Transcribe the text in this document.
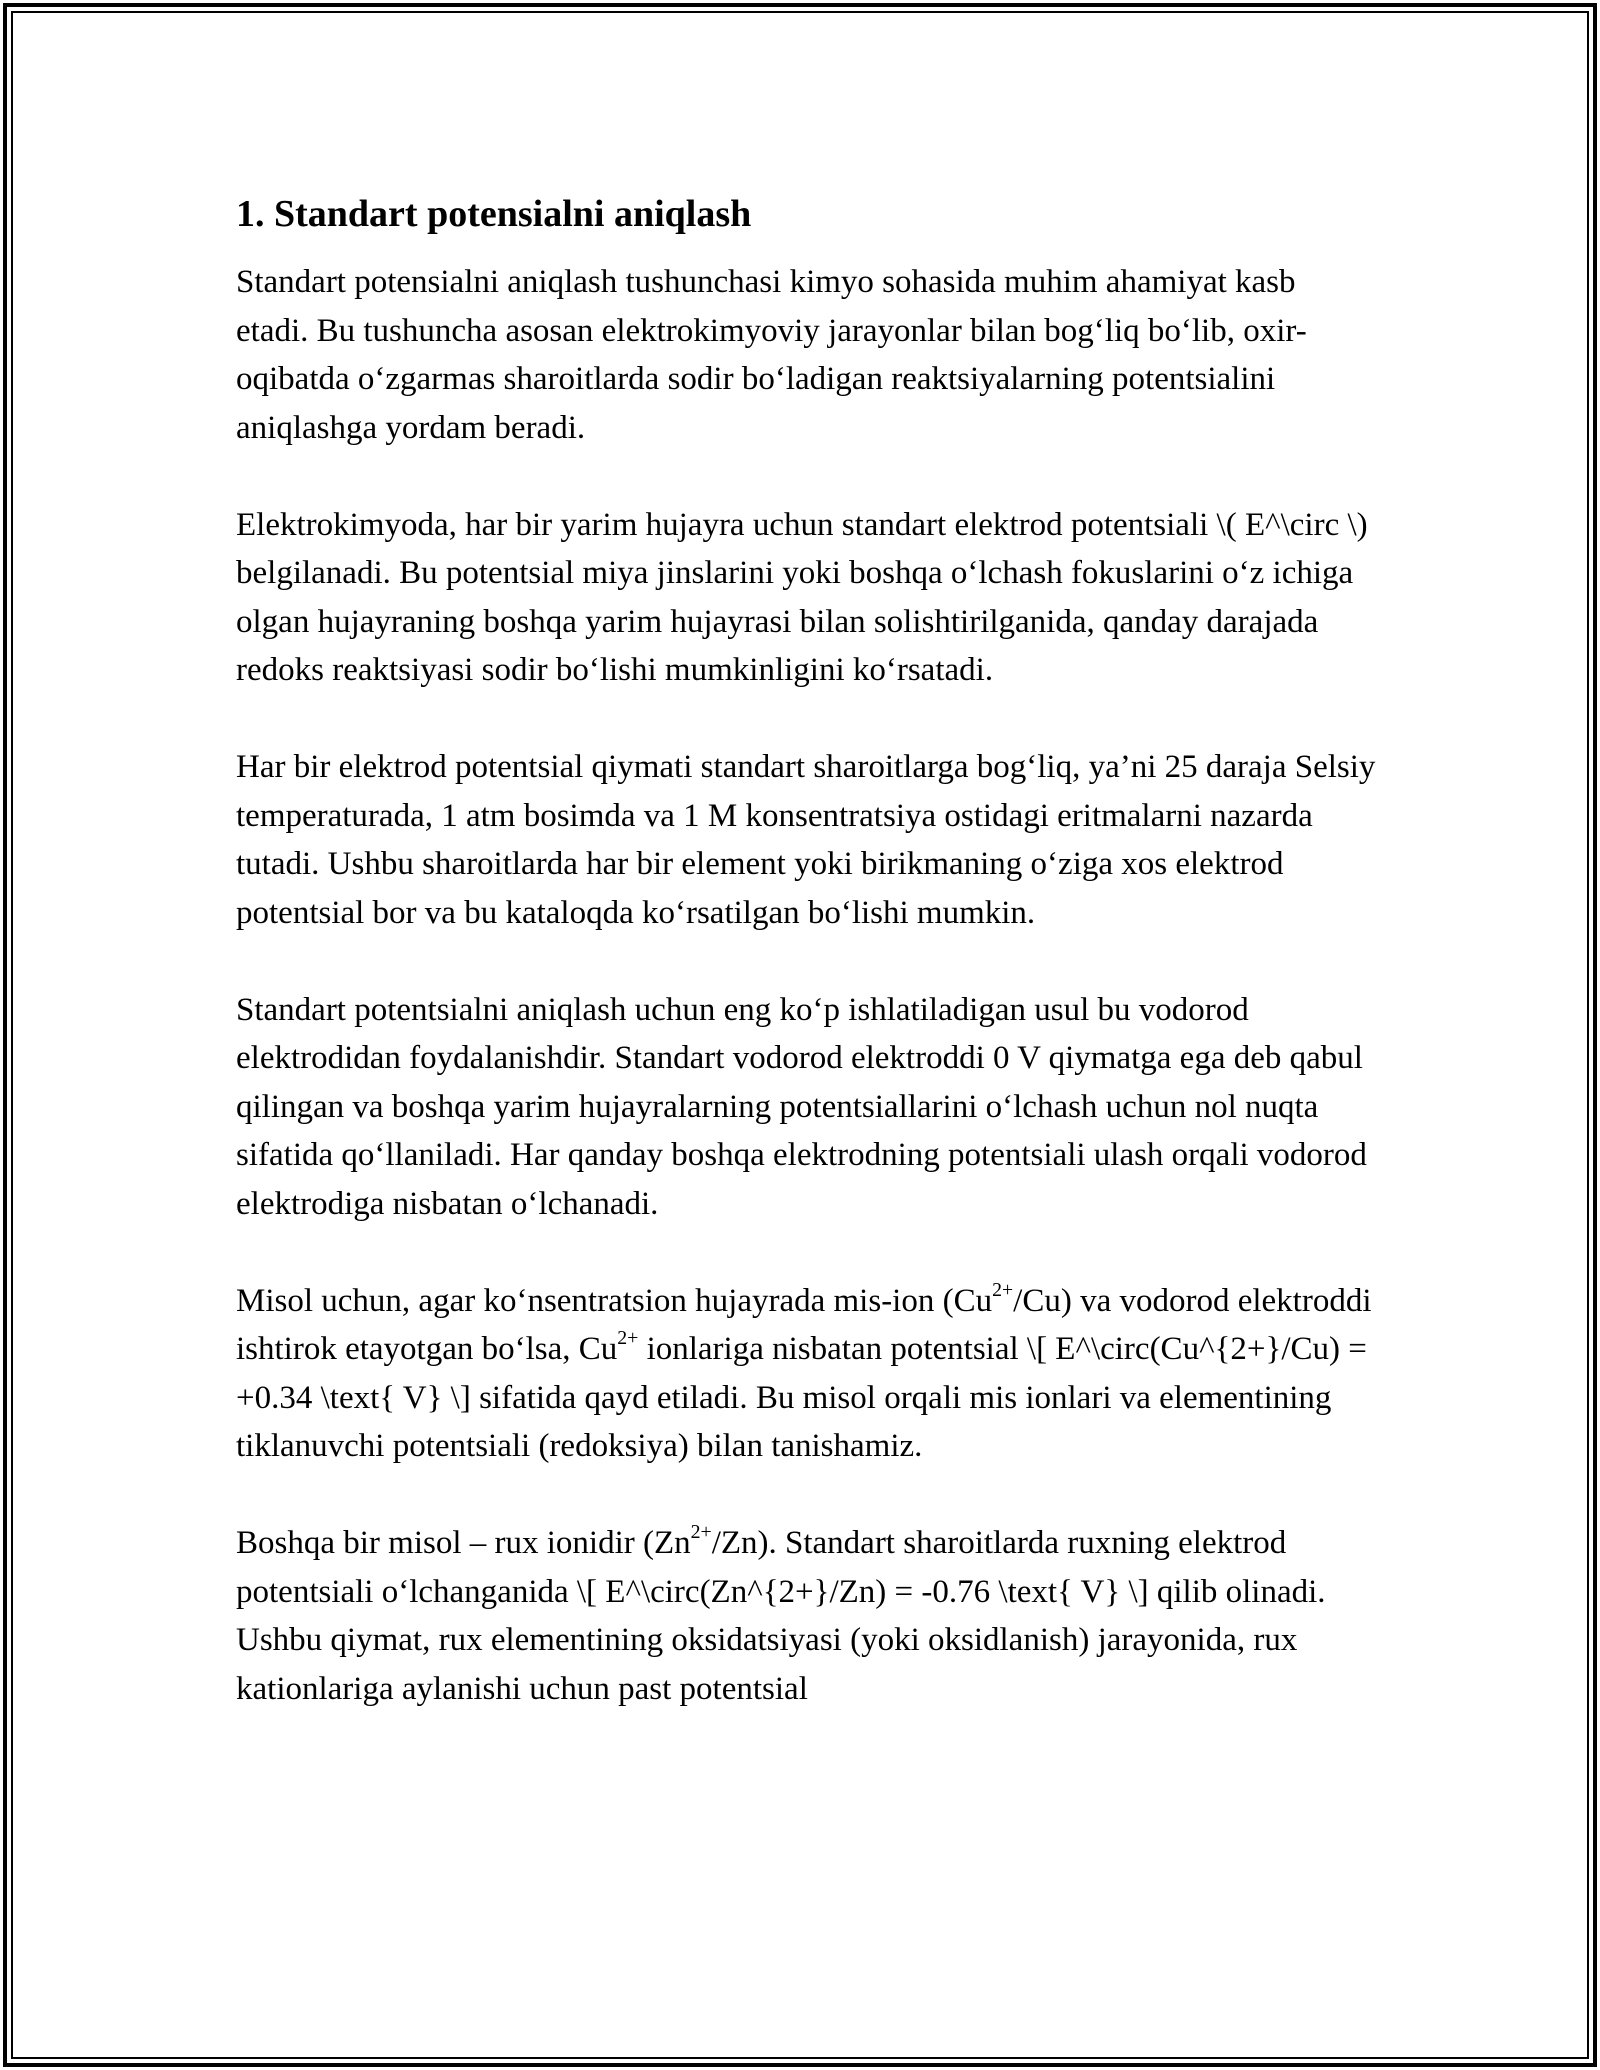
1. Standart potensialni aniqlash

Standart potensialni aniqlash tushunchasi kimyo sohasida muhim ahamiyat kasb etadi. Bu tushuncha asosan elektrokimyoviy jarayonlar bilan bog‘liq bo‘lib, oxir-oqibatda o‘zgarmas sharoitlarda sodir bo‘ladigan reaktsiyalarning potentsialini aniqlashga yordam beradi.

Elektrokimyoda, har bir yarim hujayra uchun standart elektrod potentsiali \( E^\circ \) belgilanadi. Bu potentsial miya jinslarini yoki boshqa o‘lchash fokuslarini o‘z ichiga olgan hujayraning boshqa yarim hujayrasi bilan solishtirilganida, qanday darajada redoks reaktsiyasi sodir bo‘lishi mumkinligini ko‘rsatadi.

Har bir elektrod potentsial qiymati standart sharoitlarga bog‘liq, ya’ni 25 daraja Selsiy temperaturada, 1 atm bosimda va 1 M konsentratsiya ostidagi eritmalarni nazarda tutadi. Ushbu sharoitlarda har bir element yoki birikmaning o‘ziga xos elektrod potentsial bor va bu kataloqda ko‘rsatilgan bo‘lishi mumkin.

Standart potentsialni aniqlash uchun eng ko‘p ishlatiladigan usul bu vodorod elektrodidan foydalanishdir. Standart vodorod elektroddi 0 V qiymatga ega deb qabul qilingan va boshqa yarim hujayralarning potentsiallarini o‘lchash uchun nol nuqta sifatida qo‘llaniladi. Har qanday boshqa elektrodning potentsiali ulash orqali vodorod elektrodiga nisbatan o‘lchanadi.

Misol uchun, agar ko‘nsentratsion hujayrada mis-ion $(Cu^{2+}/Cu)$ va vodorod elektroddi ishtirok etayotgan bo‘lsa, $Cu^{2+}$ ionlariga nisbatan potentsial \[ E^\circ(Cu^{2+}/Cu) = +0.34 \text{ V} \] sifatida qayd etiladi. Bu misol orqali mis ionlari va elementining tiklanuvchi potentsiali (redoksiya) bilan tanishamiz.

Boshqa bir misol – rux ionidir $(Zn^{2+}/Zn)$. Standart sharoitlarda ruxning elektrod potentsiali o‘lchanganida \[ E^\circ(Zn^{2+}/Zn) = -0.76 \text{ V} \] qilib olinadi. Ushbu qiymat, rux elementining oksidatsiyasi (yoki oksidlanish) jarayonida, rux kationlariga aylanishi uchun past potentsial
